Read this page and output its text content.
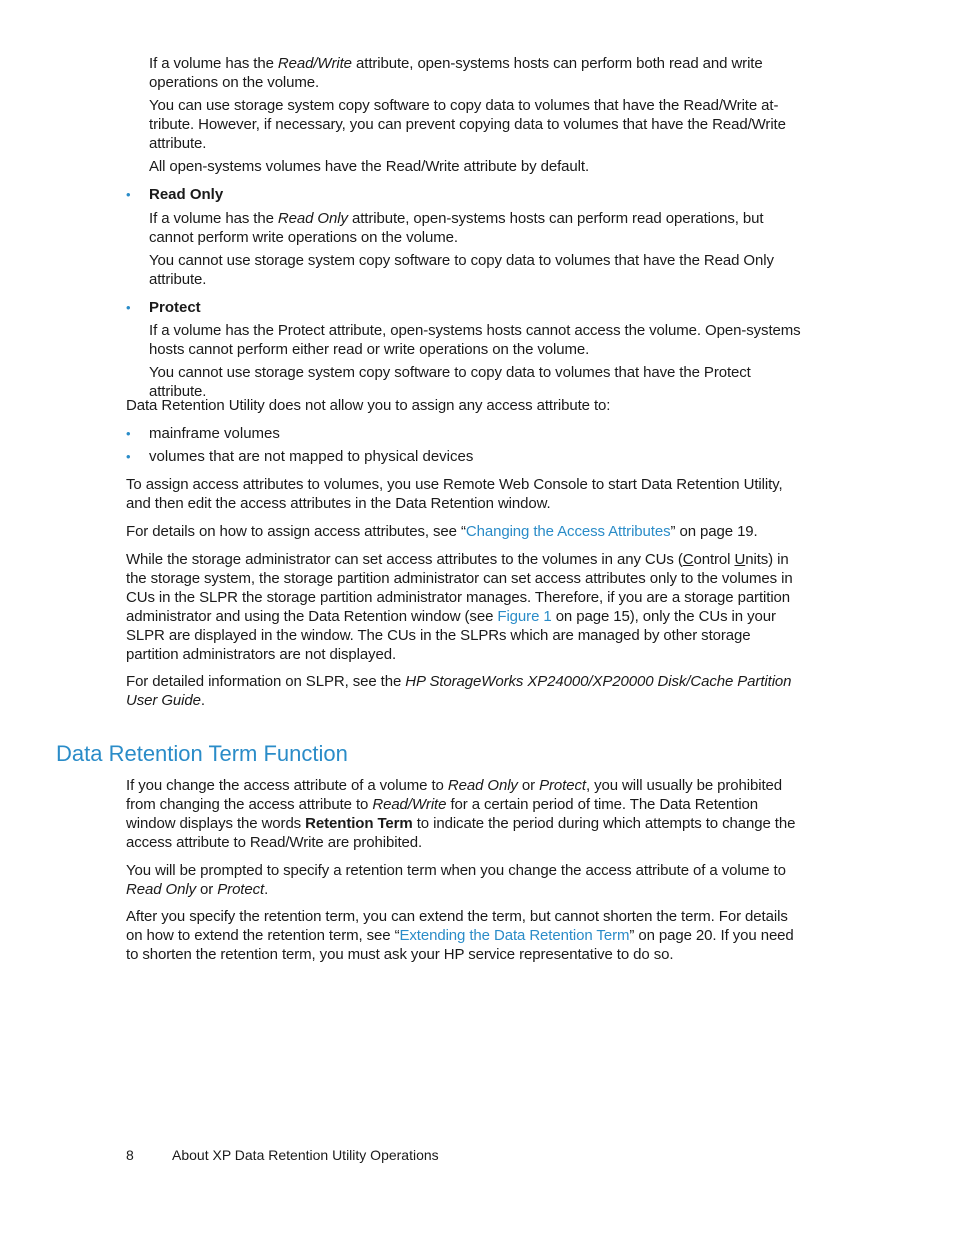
If a volume has the Read/Write attribute, open-systems hosts can perform both read and write operations on the volume.

You can use storage system copy software to copy data to volumes that have the Read/Write at- tribute. However, if necessary, you can prevent copying data to volumes that have the Read/Write attribute.

All open-systems volumes have the Read/Write attribute by default.

• Read Only

If a volume has the Read Only attribute, open-systems hosts can perform read operations, but cannot perform write operations on the volume.

You cannot use storage system copy software to copy data to volumes that have the Read Only attribute.

• Protect

If a volume has the Protect attribute, open-systems hosts cannot access the volume. Open-systems hosts cannot perform either read or write operations on the volume.

You cannot use storage system copy software to copy data to volumes that have the Protect attribute.

Data Retention Utility does not allow you to assign any access attribute to:

• mainframe volumes
• volumes that are not mapped to physical devices

To assign access attributes to volumes, you use Remote Web Console to start Data Retention Utility, and then edit the access attributes in the Data Retention window.

For details on how to assign access attributes, see “Changing the Access Attributes” on page 19.

While the storage administrator can set access attributes to the volumes in any CUs (Control Units) in the storage system, the storage partition administrator can set access attributes only to the volumes in CUs in the SLPR the storage partition administrator manages. Therefore, if you are a storage partition administrator and using the Data Retention window (see Figure 1 on page 15), only the CUs in your SLPR are displayed in the window. The CUs in the SLPRs which are managed by other storage partition administrators are not displayed.

For detailed information on SLPR, see the HP StorageWorks XP24000/XP20000 Disk/Cache Partition User Guide.

Data Retention Term Function

If you change the access attribute of a volume to Read Only or Protect, you will usually be prohibited from changing the access attribute to Read/Write for a certain period of time. The Data Retention window displays the words Retention Term to indicate the period during which attempts to change the access attribute to Read/Write are prohibited.

You will be prompted to specify a retention term when you change the access attribute of a volume to Read Only or Protect.

After you specify the retention term, you can extend the term, but cannot shorten the term. For details on how to extend the retention term, see “Extending the Data Retention Term” on page 20. If you need to shorten the retention term, you must ask your HP service representative to do so.

8	About XP Data Retention Utility Operations
